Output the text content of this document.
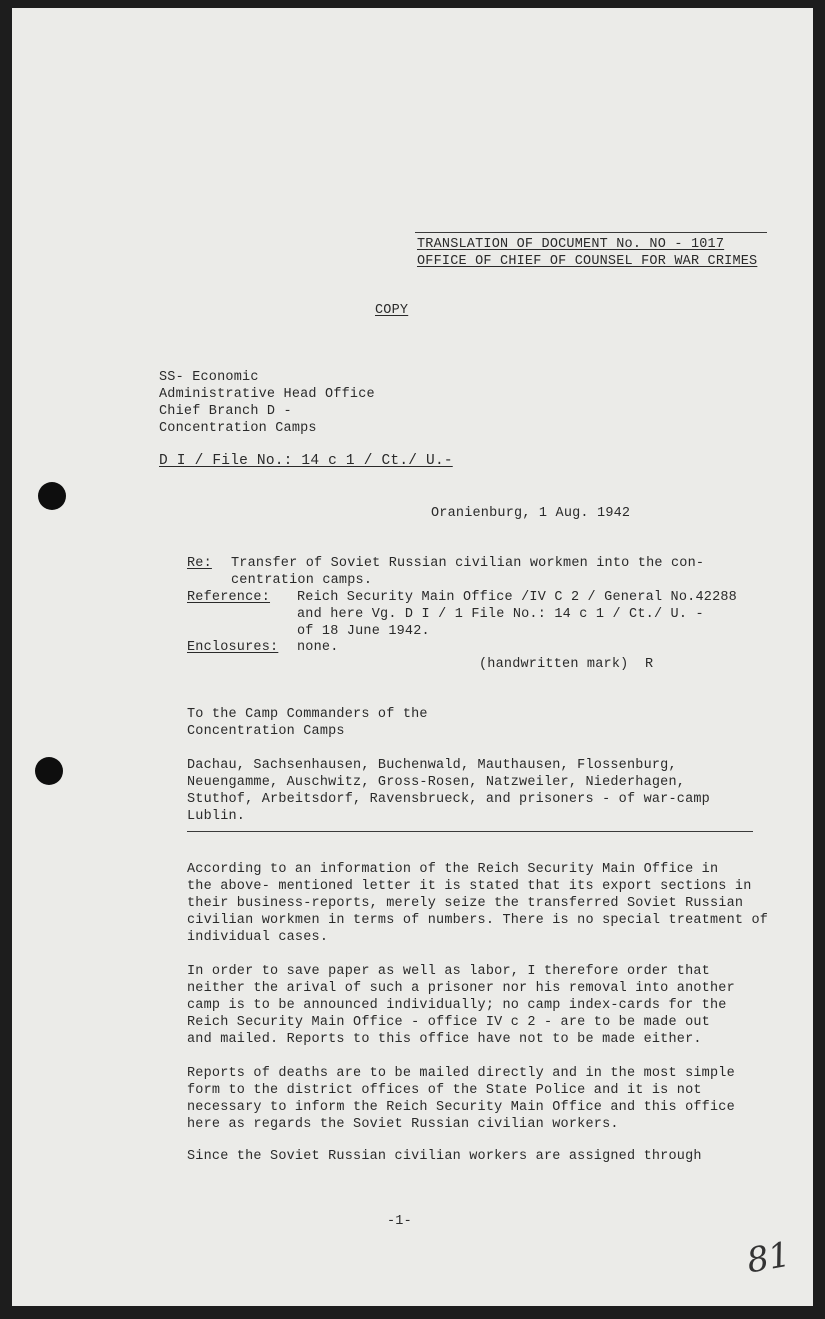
TRANSLATION OF DOCUMENT No. NO - 1017
OFFICE OF CHIEF OF COUNSEL FOR WAR CRIMES
COPY
SS- Economic
Administrative Head Office
Chief Branch D -
Concentration Camps
D I / File No.: 14 c 1 / Ct./ U.-
Oranienburg, 1 Aug. 1942
Re: Transfer of Soviet Russian civilian workmen into the con-
centration camps.
Reference: Reich Security Main Office /IV C 2 / General No.42288
and here Vg. D I / 1 File No.: 14 c 1 / Ct./ U. -
of 18 June 1942.
Enclosures: none.
(handwritten mark)  R
To the Camp Commanders of the
Concentration Camps
Dachau, Sachsenhausen, Buchenwald, Mauthausen, Flossenburg,
Neuengamme, Auschwitz, Gross-Rosen, Natzweiler, Niederhagen,
Stuthof, Arbeitsdorf, Ravensbrueck, and prisoners - of war-camp
Lublin.
According to an information of the Reich Security Main Office in
the above- mentioned letter it is stated that its export sections in
their business-reports, merely seize the transferred Soviet Russian
civilian workmen in terms of numbers. There is no special treatment of
individual cases.
In order to save paper as well as labor, I therefore order that
neither the arival of such a prisoner nor his removal into another
camp is to be announced individually; no camp index-cards for the
Reich Security Main Office - office IV c 2 - are to be made out
and mailed. Reports to this office have not to be made either.
Reports of deaths are to be mailed directly and in the most simple
form to the district offices of the State Police and it is not
necessary to inform the Reich Security Main Office and this office
here as regards the Soviet Russian civilian workers.
Since the Soviet Russian civilian workers are assigned through
-1-
81
